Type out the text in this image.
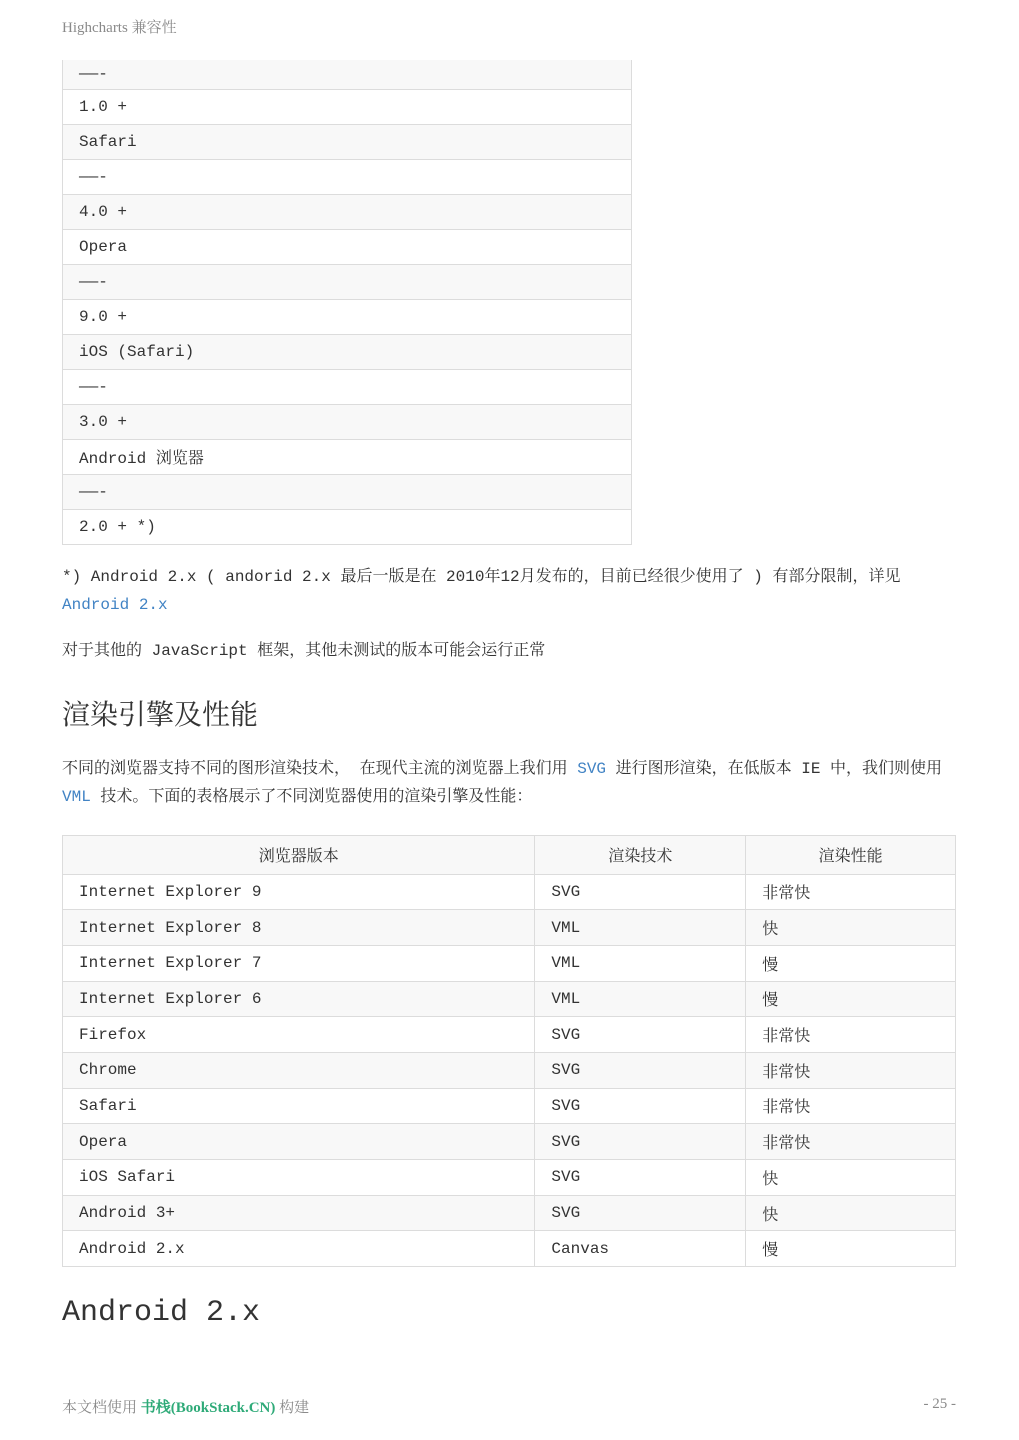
Highcharts 兼容性
——-
1.0 +
Safari
——-
4.0 +
Opera
——-
9.0 +
iOS (Safari)
——-
3.0 +
Android 浏览器
——-
2.0 + *)

*) Android 2.x ( andorid 2.x 最后一版是在 2010年12月发布的，目前已经很少使用了 ) 有部分限制，详见
Android 2.x

对于其他的 JavaScript 框架，其他未测试的版本可能会运行正常

渲染引擎及性能

不同的浏览器支持不同的图形渲染技术， 在现代主流的浏览器上我们用 SVG 进行图形渲染，在低版本 IE 中，我们则使用 VML 技术。下面的表格展示了不同浏览器使用的渲染引擎及性能：

浏览器版本	渲染技术	渲染性能
Internet Explorer 9	SVG	非常快
Internet Explorer 8	VML	快
Internet Explorer 7	VML	慢
Internet Explorer 6	VML	慢
Firefox	SVG	非常快
Chrome	SVG	非常快
Safari	SVG	非常快
Opera	SVG	非常快
iOS Safari	SVG	快
Android 3+	SVG	快
Android 2.x	Canvas	慢
Android 2.x
本文档使用 书栈(BookStack.CN) 构建	- 25 -
